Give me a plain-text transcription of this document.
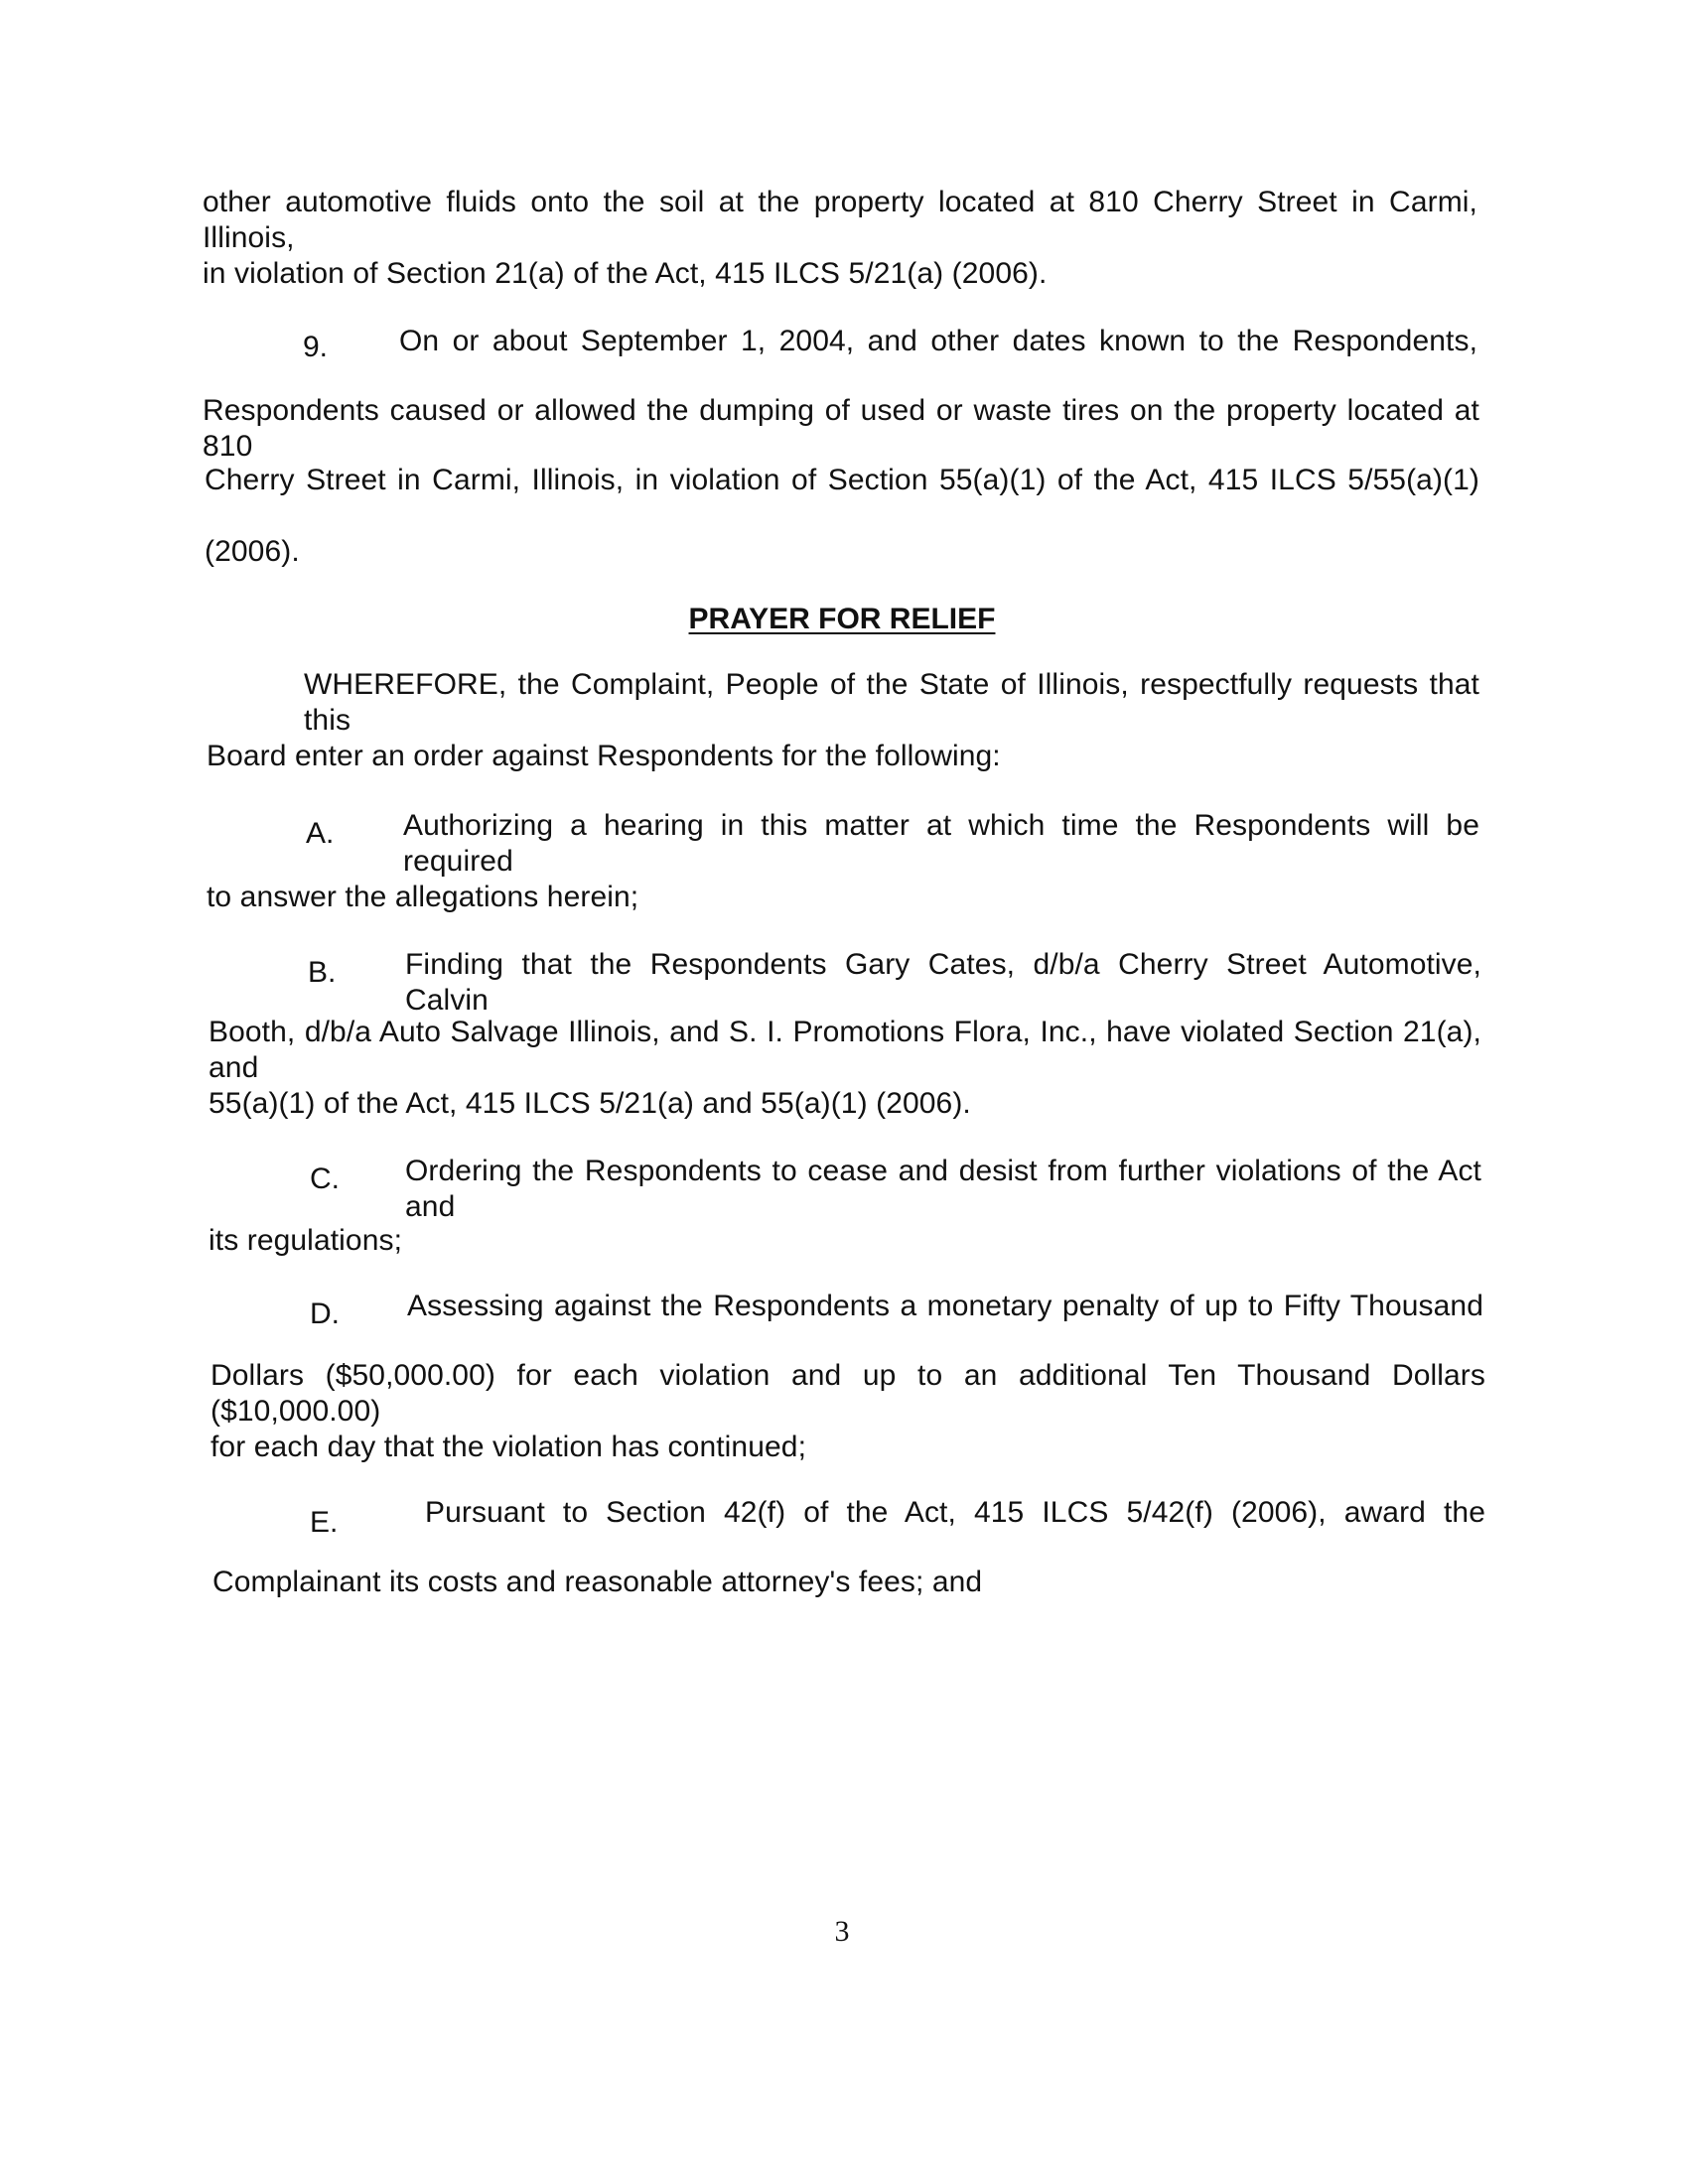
other automotive fluids onto the soil at the property located at 810 Cherry Street in Carmi, Illinois,
in violation of Section 21(a) of the Act, 415 ILCS 5/21(a) (2006).
9. On or about September 1, 2004, and other dates known to the Respondents,
Respondents caused or allowed the dumping of used or waste tires on the property located at 810
Cherry Street in Carmi, Illinois, in violation of Section 55(a)(1) of the Act, 415 ILCS 5/55(a)(1)
(2006).
PRAYER FOR RELIEF
WHEREFORE, the Complaint, People of the State of Illinois, respectfully requests that this
Board enter an order against Respondents for the following:
A. Authorizing a hearing in this matter at which time the Respondents will be required
to answer the allegations herein;
B. Finding that the Respondents Gary Cates, d/b/a Cherry Street Automotive, Calvin
Booth, d/b/a Auto Salvage Illinois, and S. I. Promotions Flora, Inc., have violated Section 21(a), and
55(a)(1) of the Act, 415 ILCS 5/21(a) and 55(a)(1) (2006).
C. Ordering the Respondents to cease and desist from further violations of the Act and
its regulations;
D. Assessing against the Respondents a monetary penalty of up to Fifty Thousand
Dollars ($50,000.00) for each violation and up to an additional Ten Thousand Dollars ($10,000.00)
for each day that the violation has continued;
E.	Pursuant to Section 42(f) of the Act, 415 ILCS 5/42(f) (2006), award the
Complainant its costs and reasonable attorney's fees; and
3
